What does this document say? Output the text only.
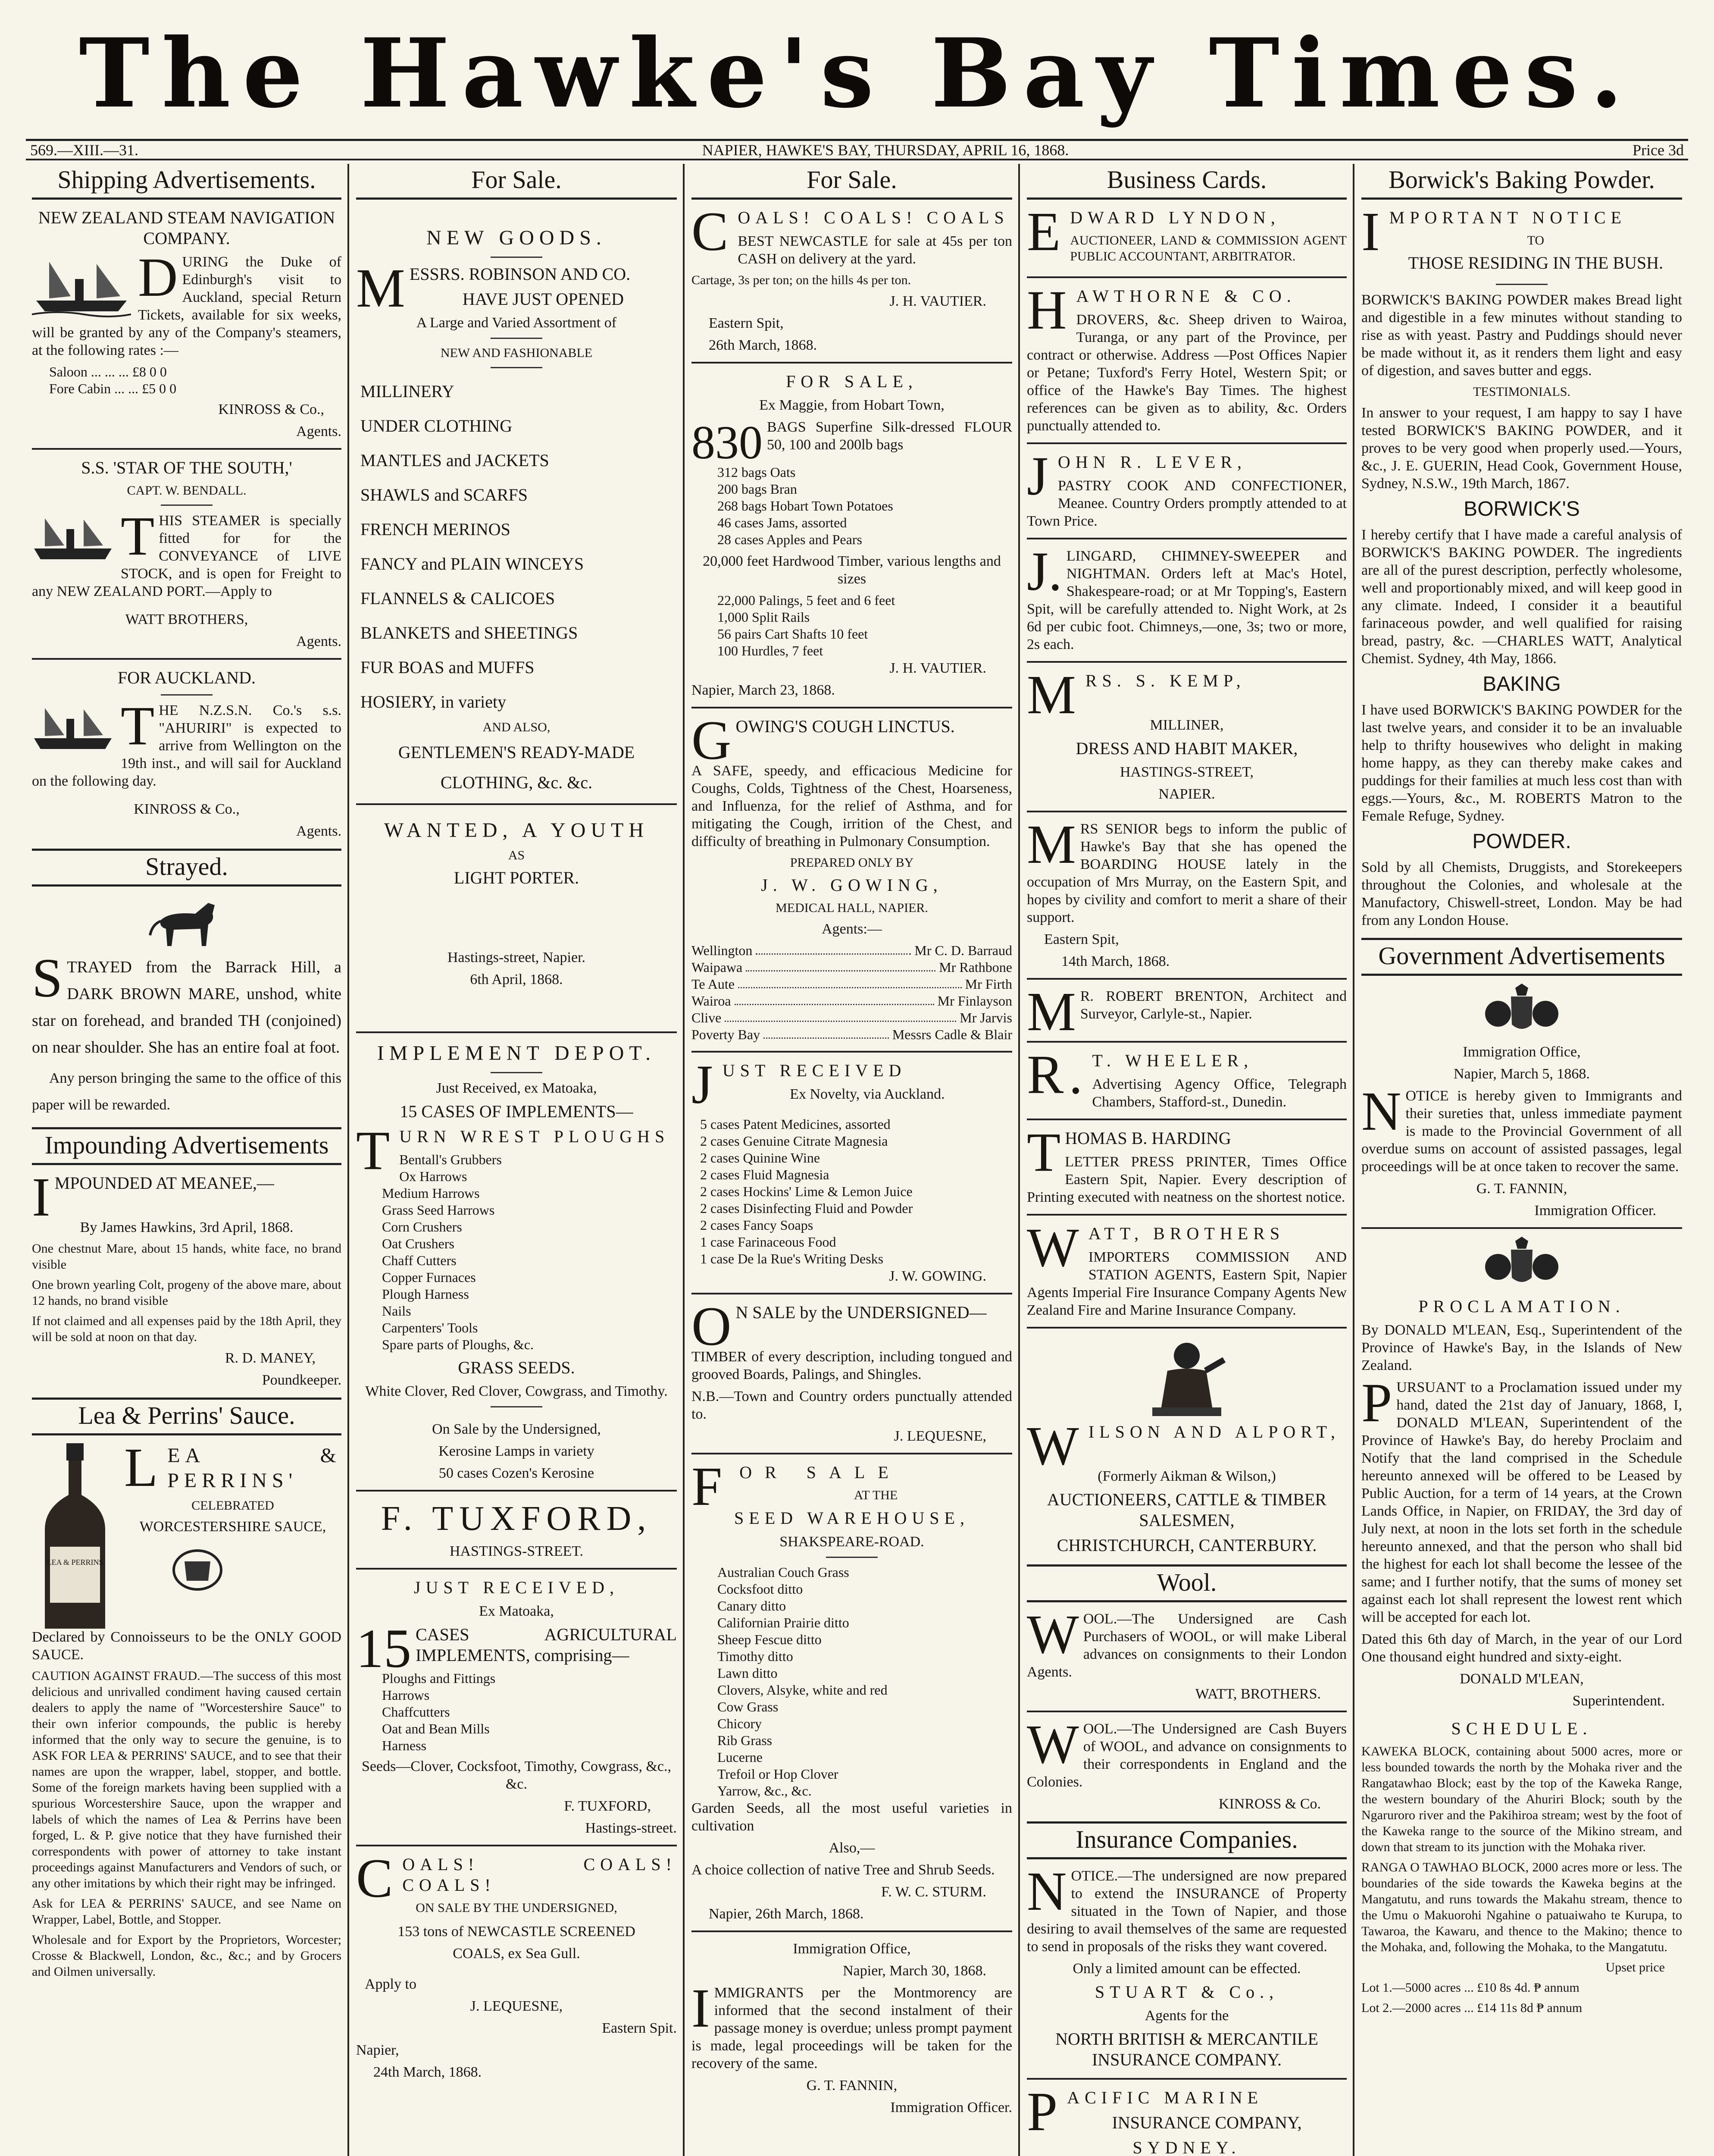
The Hawke's Bay Times.
569.—XIII.—31.	NAPIER, HAWKE'S BAY, THURSDAY, APRIL 16, 1868.	Price 3d
Shipping Advertisements.

NEW ZEALAND STEAM NAVIGATION COMPANY.

DURING the Duke of Edinburgh's visit to Auckland, special Return Tickets, available for six weeks, will be granted by any of the Company's steamers, at the following rates :—

Saloon ... ... ... £8 0 0
Fore Cabin ... ... £5 0 0

KINROSS & Co.,

Agents.

S.S. 'STAR OF THE SOUTH,'

CAPT. W. BENDALL.

THIS STEAMER is specially fitted for for the CONVEYANCE of LIVE STOCK, and is open for Freight to any NEW ZEALAND PORT.—Apply to

WATT BROTHERS,

Agents.

FOR AUCKLAND.

THE N.Z.S.N. Co.'s s.s. "AHURIRI" is expected to arrive from Wellington on the 19th inst., and will sail for Auckland on the following day.

KINROSS & Co.,

Agents.

Strayed.

STRAYED from the Barrack Hill, a DARK BROWN MARE, unshod, white star on forehead, and branded TH (conjoined) on near shoulder. She has an entire foal at foot.

Any person bringing the same to the office of this paper will be rewarded.

Impounding Advertisements

IMPOUNDED AT MEANEE,—

By James Hawkins, 3rd April, 1868.

One chestnut Mare, about 15 hands, white face, no brand visible

One brown yearling Colt, progeny of the above mare, about 12 hands, no brand visible

If not claimed and all expenses paid by the 18th April, they will be sold at noon on that day.

R. D. MANEY,

Poundkeeper.

Lea & Perrins' Sauce.
LEA & PERRINS

LEA & PERRINS'

CELEBRATED

WORCESTERSHIRE SAUCE,

Declared by Connoisseurs to be the ONLY GOOD SAUCE.

CAUTION AGAINST FRAUD.—The success of this most delicious and unrivalled condiment having caused certain dealers to apply the name of "Worcestershire Sauce" to their own inferior compounds, the public is hereby informed that the only way to secure the genuine, is to ASK FOR LEA & PERRINS' SAUCE, and to see that their names are upon the wrapper, label, stopper, and bottle. Some of the foreign markets having been supplied with a spurious Worcestershire Sauce, upon the wrapper and labels of which the names of Lea & Perrins have been forged, L. & P. give notice that they have furnished their correspondents with power of attorney to take instant proceedings against Manufacturers and Vendors of such, or any other imitations by which their right may be infringed.

Ask for LEA & PERRINS' SAUCE, and see Name on Wrapper, Label, Bottle, and Stopper.

Wholesale and for Export by the Proprietors, Worcester; Crosse & Blackwell, London, &c., &c.; and by Grocers and Oilmen universally.

For Sale.

NEW GOODS.

MESSRS. ROBINSON AND CO.

HAVE JUST OPENED

A Large and Varied Assortment of

NEW AND FASHIONABLE

MILLINERY
UNDER CLOTHING
MANTLES and JACKETS
SHAWLS and SCARFS
FRENCH MERINOS
FANCY and PLAIN WINCEYS
FLANNELS & CALICOES
BLANKETS and SHEETINGS
FUR BOAS and MUFFS
HOSIERY, in variety

AND ALSO,

GENTLEMEN'S READY-MADE

CLOTHING, &c. &c.

WANTED, A YOUTH

AS

LIGHT PORTER.

Hastings-street, Napier.

6th April, 1868.

IMPLEMENT DEPOT.

Just Received, ex Matoaka,

15 CASES OF IMPLEMENTS—

TURN WREST PLOUGHS

Bentall's Grubbers
Ox Harrows
Medium Harrows
Grass Seed Harrows
Corn Crushers
Oat Crushers
Chaff Cutters
Copper Furnaces
Plough Harness
Nails
Carpenters' Tools
Spare parts of Ploughs, &c.

GRASS SEEDS.

White Clover, Red Clover, Cowgrass, and Timothy.

On Sale by the Undersigned,

Kerosine Lamps in variety

50 cases Cozen's Kerosine

F. TUXFORD,

HASTINGS-STREET.

JUST RECEIVED,

Ex Matoaka,

15 CASES AGRICULTURAL IMPLEMENTS, comprising—

Ploughs and Fittings
Harrows
Chaffcutters
Oat and Bean Mills
Harness

Seeds—Clover, Cocksfoot, Timothy, Cowgrass, &c., &c.

F. TUXFORD,

Hastings-street.

COALS! COALS! COALS!

ON SALE BY THE UNDERSIGNED,

153 tons of NEWCASTLE SCREENED

COALS, ex Sea Gull.

Apply to

J. LEQUESNE,

Eastern Spit.

Napier,

24th March, 1868.

For Sale.

COALS! COALS! COALS

BEST NEWCASTLE for sale at 45s per ton CASH on delivery at the yard.

Cartage, 3s per ton; on the hills 4s per ton.

J. H. VAUTIER.

Eastern Spit,

26th March, 1868.

FOR SALE,

Ex Maggie, from Hobart Town,

830 BAGS Superfine Silk-dressed FLOUR 50, 100 and 200lb bags

312 bags Oats
200 bags Bran
268 bags Hobart Town Potatoes
46 cases Jams, assorted
28 cases Apples and Pears

20,000 feet Hardwood Timber, various lengths and sizes

22,000 Palings, 5 feet and 6 feet
1,000 Split Rails
56 pairs Cart Shafts 10 feet
100 Hurdles, 7 feet

J. H. VAUTIER.

Napier, March 23, 1868.

GOWING'S COUGH LINCTUS.

A SAFE, speedy, and efficacious Medicine for Coughs, Colds, Tightness of the Chest, Hoarseness, and Influenza, for the relief of Asthma, and for mitigating the Cough, irrition of the Chest, and difficulty of breathing in Pulmonary Consumption.

PREPARED ONLY BY

J. W. GOWING,

MEDICAL HALL, NAPIER.

Agents:—

Wellington	Mr C. D. Barraud
Waipawa	Mr Rathbone
Te Aute	Mr Firth
Wairoa	Mr Finlayson
Clive	Mr Jarvis
Poverty Bay	Messrs Cadle & Blair

JUST RECEIVED

Ex Novelty, via Auckland.

5 cases Patent Medicines, assorted
2 cases Genuine Citrate Magnesia
2 cases Quinine Wine
2 cases Fluid Magnesia
2 cases Hockins' Lime & Lemon Juice
2 cases Disinfecting Fluid and Powder
2 cases Fancy Soaps
1 case Farinaceous Food
1 case De la Rue's Writing Desks

J. W. GOWING.

O N SALE by the UNDERSIGNED—

TIMBER of every description, including tongued and grooved Boards, Palings, and Shingles.

N.B.—Town and Country orders punctually attended to.

J. LEQUESNE,

FOR SALE

AT THE

SEED WAREHOUSE,

SHAKSPEARE-ROAD.

Australian Couch Grass
Cocksfoot ditto
Canary ditto
Californian Prairie ditto
Sheep Fescue ditto
Timothy ditto
Lawn ditto
Clovers, Alsyke, white and red
Cow Grass
Chicory
Rib Grass
Lucerne
Trefoil or Hop Clover
Yarrow, &c., &c.

Garden Seeds, all the most useful varieties in cultivation

Also,—

A choice collection of native Tree and Shrub Seeds.

F. W. C. STURM.

Napier, 26th March, 1868.

Immigration Office,

Napier, March 30, 1868.

IMMIGRANTS per the Montmorency are informed that the second instalment of their passage money is overdue; unless prompt payment is made, legal proceedings will be taken for the recovery of the same.

G. T. FANNIN,

Immigration Officer.

Business Cards.

EDWARD LYNDON,

AUCTIONEER, LAND & COMMISSION AGENT PUBLIC ACCOUNTANT, ARBITRATOR.

HAWTHORNE & CO.

DROVERS, &c. Sheep driven to Wairoa, Turanga, or any part of the Province, per contract or otherwise. Address —Post Offices Napier or Petane; Tuxford's Ferry Hotel, Western Spit; or office of the Hawke's Bay Times. The highest references can be given as to ability, &c. Orders punctually attended to.

JOHN R. LEVER,

PASTRY COOK AND CONFECTIONER, Meanee. Country Orders promptly attended to at Town Price.

J. LINGARD, CHIMNEY-SWEEPER and NIGHTMAN. Orders left at Mac's Hotel, Shakespeare-road; or at Mr Topping's, Eastern Spit, will be carefully attended to. Night Work, at 2s 6d per cubic foot. Chimneys,—one, 3s; two or more, 2s each.

MRS. S. KEMP,

MILLINER,

DRESS AND HABIT MAKER,

HASTINGS-STREET,

NAPIER.

MRS SENIOR begs to inform the public of Hawke's Bay that she has opened the BOARDING HOUSE lately in the occupation of Mrs Murray, on the Eastern Spit, and hopes by civility and comfort to merit a share of their support.

Eastern Spit,

14th March, 1868.

M R. ROBERT BRENTON, Architect and Surveyor, Carlyle-st., Napier.

R. T. WHEELER,

Advertising Agency Office, Telegraph Chambers, Stafford-st., Dunedin.

THOMAS B. HARDING

LETTER PRESS PRINTER, Times Office Eastern Spit, Napier. Every description of Printing executed with neatness on the shortest notice.

WATT, BROTHERS

IMPORTERS COMMISSION AND STATION AGENTS, Eastern Spit, Napier Agents Imperial Fire Insurance Company Agents New Zealand Fire and Marine Insurance Company.

WILSON AND ALPORT,

(Formerly Aikman & Wilson,)

AUCTIONEERS, CATTLE & TIMBER SALESMEN,

CHRISTCHURCH, CANTERBURY.

Wool.

WOOL.—The Undersigned are Cash Purchasers of WOOL, or will make Liberal advances on consignments to their London Agents.

WATT, BROTHERS.

WOOL.—The Undersigned are Cash Buyers of WOOL, and advance on consignments to their correspondents in England and the Colonies.

KINROSS & Co.

Insurance Companies.

NOTICE.—The undersigned are now prepared to extend the INSURANCE of Property situated in the Town of Napier, and those desiring to avail themselves of the same are requested to send in proposals of the risks they want covered.

Only a limited amount can be effected.

STUART & Co.,

Agents for the

NORTH BRITISH & MERCANTILE INSURANCE COMPANY.

PACIFIC MARINE

INSURANCE COMPANY,

SYDNEY.

Borwick's Baking Powder.

IMPORTANT NOTICE

TO

THOSE RESIDING IN THE BUSH.

BORWICK'S BAKING POWDER makes Bread light and digestible in a few minutes without standing to rise as with yeast. Pastry and Puddings should never be made without it, as it renders them light and easy of digestion, and saves butter and eggs.

TESTIMONIALS.

In answer to your request, I am happy to say I have tested BORWICK'S BAKING POWDER, and it proves to be very good when properly used.—Yours, &c., J. E. GUERIN, Head Cook, Government House, Sydney, N.S.W., 19th March, 1867.

BORWICK'S

I hereby certify that I have made a careful analysis of BORWICK'S BAKING POWDER. The ingredients are all of the purest description, perfectly wholesome, well and proportionably mixed, and will keep good in any climate. Indeed, I consider it a beautiful farinaceous powder, and well qualified for raising bread, pastry, &c. —CHARLES WATT, Analytical Chemist. Sydney, 4th May, 1866.

BAKING

I have used BORWICK'S BAKING POWDER for the last twelve years, and consider it to be an invaluable help to thrifty housewives who delight in making home happy, as they can thereby make cakes and puddings for their families at much less cost than with eggs.—Yours, &c., M. ROBERTS Matron to the Female Refuge, Sydney.

POWDER.

Sold by all Chemists, Druggists, and Storekeepers throughout the Colonies, and wholesale at the Manufactory, Chiswell-street, London. May be had from any London House.

Government Advertisements

Immigration Office,

Napier, March 5, 1868.

NOTICE is hereby given to Immigrants and their sureties that, unless immediate payment is made to the Provincial Government of all overdue sums on account of assisted passages, legal proceedings will be at once taken to recover the same.

G. T. FANNIN,

Immigration Officer.

PROCLAMATION.

By DONALD M'LEAN, Esq., Superintendent of the Province of Hawke's Bay, in the Islands of New Zealand.

PURSUANT to a Proclamation issued under my hand, dated the 21st day of January, 1868, I, DONALD M'LEAN, Superintendent of the Province of Hawke's Bay, do hereby Proclaim and Notify that the land comprised in the Schedule hereunto annexed will be offered to be Leased by Public Auction, for a term of 14 years, at the Crown Lands Office, in Napier, on FRIDAY, the 3rd day of July next, at noon in the lots set forth in the schedule hereunto annexed, and that the person who shall bid the highest for each lot shall become the lessee of the same; and I further notify, that the sums of money set against each lot shall represent the lowest rent which will be accepted for each lot.

Dated this 6th day of March, in the year of our Lord One thousand eight hundred and sixty-eight.

DONALD M'LEAN,

Superintendent.

SCHEDULE.

KAWEKA BLOCK, containing about 5000 acres, more or less bounded towards the north by the Mohaka river and the Rangatawhao Block; east by the top of the Kaweka Range, the western boundary of the Ahuriri Block; south by the Ngaruroro river and the Pakihiroa stream; west by the foot of the Kaweka range to the source of the Mikino stream, and down that stream to its junction with the Mohaka river.

RANGA O TAWHAO BLOCK, 2000 acres more or less. The boundaries of the side towards the Kaweka begins at the Mangatutu, and runs towards the Makahu stream, thence to the Umu o Makuorohi Ngahine o patuaiwaho te Kurupa, to Tawaroa, the Kawaru, and thence to the Makino; thence to the Mohaka, and, following the Mohaka, to the Mangatutu.

Upset price

Lot 1.—5000 acres ... £10 8s 4d. ₱ annum

Lot 2.—2000 acres ... £14 11s 8d ₱ annum
